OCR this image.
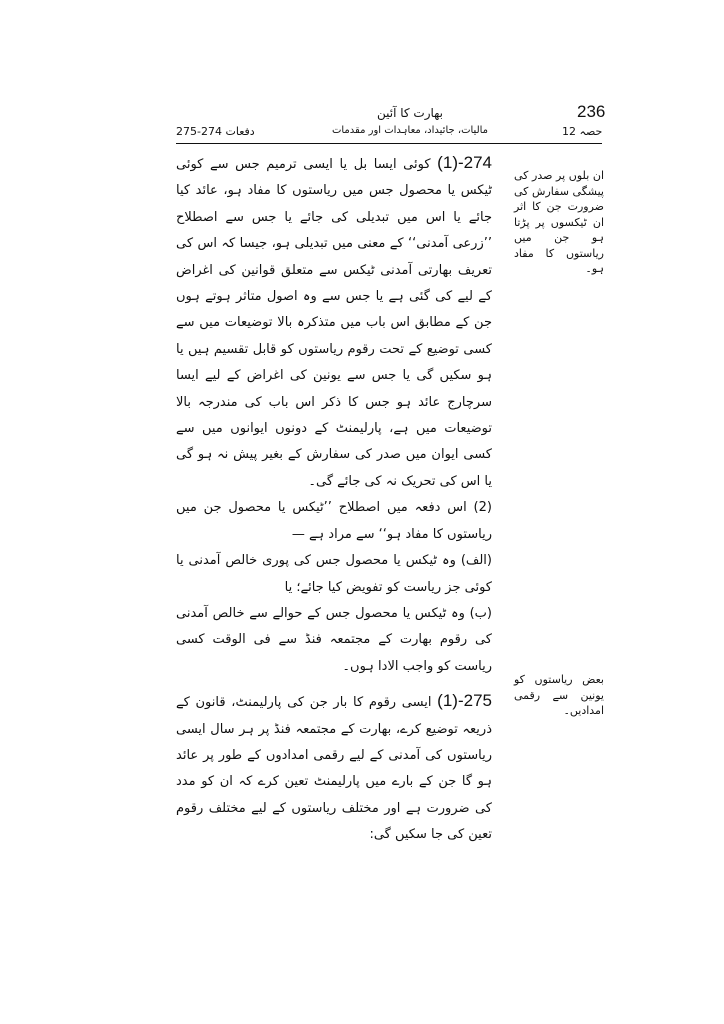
236
بھارت کا آئین
مالیات، جائیداد، معاہدات اور مقدمات	حصہ 12
دفعات 274-275
ان بلوں پر صدر کی پیشگی سفارش کی ضرورت جن کا اثر ان ٹیکسوں پر پڑتا ہو جن میں ریاستوں کا مفاد ہو۔
بعض ریاستوں کو یونین سے رقمی امدادیں۔

274-(1) کوئی ایسا بل یا ایسی ترمیم جس سے کوئی ٹیکس یا محصول جس میں ریاستوں کا مفاد ہو، عائد کیا جائے یا اس میں تبدیلی کی جائے یا جس سے اصطلاح ’’زرعی آمدنی‘‘ کے معنی میں تبدیلی ہو، جیسا کہ اس کی تعریف بھارتی آمدنی ٹیکس سے متعلق قوانین کی اغراض کے لیے کی گئی ہے یا جس سے وہ اصول متاثر ہوتے ہوں جن کے مطابق اس باب میں متذکرہ بالا توضیعات میں سے کسی توضیع کے تحت رقوم ریاستوں کو قابل تقسیم ہیں یا ہو سکیں گی یا جس سے یونین کی اغراض کے لیے ایسا سرچارج عائد ہو جس کا ذکر اس باب کی مندرجہ بالا توضیعات میں ہے، پارلیمنٹ کے دونوں ایوانوں میں سے کسی ایوان میں صدر کی سفارش کے بغیر پیش نہ ہو گی یا اس کی تحریک نہ کی جائے گی۔

(2) اس دفعہ میں اصطلاح ’’ٹیکس یا محصول جن میں ریاستوں کا مفاد ہو‘‘ سے مراد ہے —

(الف) وہ ٹیکس یا محصول جس کی پوری خالص آمدنی یا کوئی جز ریاست کو تفویض کیا جائے؛ یا

(ب) وہ ٹیکس یا محصول جس کے حوالے سے خالص آمدنی کی رقوم بھارت کے مجتمعہ فنڈ سے فی الوقت کسی ریاست کو واجب الادا ہوں۔

275-(1) ایسی رقوم کا بار جن کی پارلیمنٹ، قانون کے ذریعہ توضیع کرے، بھارت کے مجتمعہ فنڈ پر ہر سال ایسی ریاستوں کی آمدنی کے لیے رقمی امدادوں کے طور پر عائد ہو گا جن کے بارے میں پارلیمنٹ تعین کرے کہ ان کو مدد کی ضرورت ہے اور مختلف ریاستوں کے لیے مختلف رقوم تعین کی جا سکیں گی:
